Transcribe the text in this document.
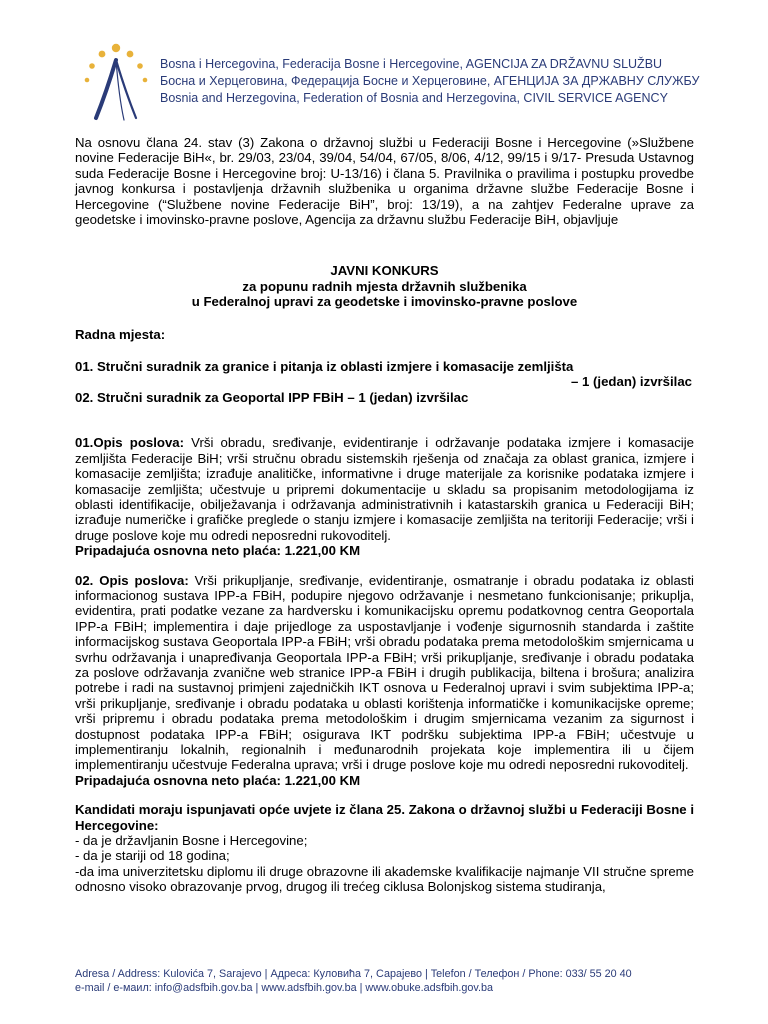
Bosna i Hercegovina, Federacija Bosne i Hercegovine, AGENCIJA ZA DRŽAVNU SLUŽBU
Босна и Херцеговина, Федерација Босне и Херцеговине, АГЕНЦИЈА ЗА ДРЖАВНУ СЛУЖБУ
Bosnia and Herzegovina, Federation of Bosnia and Herzegovina, CIVIL SERVICE AGENCY

Na osnovu člana 24. stav (3) Zakona o državnoj službi u Federaciji Bosne i Hercegovine (»Službene novine Federacije BiH«, br. 29/03, 23/04, 39/04, 54/04, 67/05, 8/06, 4/12, 99/15 i 9/17- Presuda Ustavnog suda Federacije Bosne i Hercegovine broj: U-13/16) i člana 5. Pravilnika o pravilima i postupku provedbe javnog konkursa i postavljenja državnih službenika u organima državne službe Federacije Bosne i Hercegovine (“Službene novine Federacije BiH”, broj: 13/19), a na zahtjev Federalne uprave za geodetske i imovinsko-pravne poslove, Agencija za državnu službu Federacije BiH, objavljuje

JAVNI KONKURS

za popunu radnih mjesta državnih službenika

u Federalnoj upravi za geodetske i imovinsko-pravne poslove

Radna mjesta:

01. Stručni suradnik za granice i pitanja iz oblasti izmjere i komasacije zemljišta

– 1 (jedan) izvršilac

02. Stručni suradnik za Geoportal IPP FBiH – 1 (jedan) izvršilac

01.Opis poslova: Vrši obradu, sređivanje, evidentiranje i održavanje podataka izmjere i komasacije zemljišta Federacije BiH; vrši stručnu obradu sistemskih rješenja od značaja za oblast granica, izmjere i komasacije zemljišta; izrađuje analitičke, informativne i druge materijale za korisnike podataka izmjere i komasacije zemljišta; učestvuje u pripremi dokumentacije u skladu sa propisanim metodologijama iz oblasti identifikacije, obilježavanja i održavanja administrativnih i katastarskih granica u Federaciji BiH; izrađuje numeričke i grafičke preglede o stanju izmjere i komasacije zemljišta na teritoriji Federacije; vrši i druge poslove koje mu odredi neposredni rukovoditelj.

Pripadajuća osnovna neto plaća: 1.221,00 KM

02. Opis poslova: Vrši prikupljanje, sređivanje, evidentiranje, osmatranje i obradu podataka iz oblasti informacionog sustava IPP-a FBiH, podupire njegovo održavanje i nesmetano funkcionisanje; prikuplja, evidentira, prati podatke vezane za hardversku i komunikacijsku opremu podatkovnog centra Geoportala IPP-a FBiH; implementira i daje prijedloge za uspostavljanje i vođenje sigurnosnih standarda i zaštite informacijskog sustava Geoportala IPP-a FBiH; vrši obradu podataka prema metodološkim smjernicama u svrhu održavanja i unapređivanja Geoportala IPP-a FBiH; vrši prikupljanje, sređivanje i obradu podataka za poslove održavanja zvanične web stranice IPP-a FBiH i drugih publikacija, biltena i brošura; analizira potrebe i radi na sustavnoj primjeni zajedničkih IKT osnova u Federalnoj upravi i svim subjektima IPP-a; vrši prikupljanje, sređivanje i obradu podataka u oblasti korištenja informatičke i komunikacijske opreme; vrši pripremu i obradu podataka prema metodološkim i drugim smjernicama vezanim za sigurnost i dostupnost podataka IPP-a FBiH; osigurava IKT podršku subjektima IPP-a FBiH; učestvuje u implementiranju lokalnih, regionalnih i međunarodnih projekata koje implementira ili u čijem implementiranju učestvuje Federalna uprava; vrši i druge poslove koje mu odredi neposredni rukovoditelj.

Pripadajuća osnovna neto plaća: 1.221,00 KM

Kandidati moraju ispunjavati opće uvjete iz člana 25. Zakona o državnoj službi u Federaciji Bosne i Hercegovine:

- da je državljanin Bosne i Hercegovine;

- da je stariji od 18 godina;

-da ima univerzitetsku diplomu ili druge obrazovne ili akademske kvalifikacije najmanje VII stručne spreme odnosno visoko obrazovanje prvog, drugog ili trećeg ciklusa Bolonjskog sistema studiranja,

Adresa / Address: Kulovića 7, Sarajevo | Адреса: Куловића 7, Сарајево | Telefon / Телефон / Phone: 033/ 55 20 40
e-mail / е-маил: info@adsfbih.gov.ba | www.adsfbih.gov.ba | www.obuke.adsfbih.gov.ba
